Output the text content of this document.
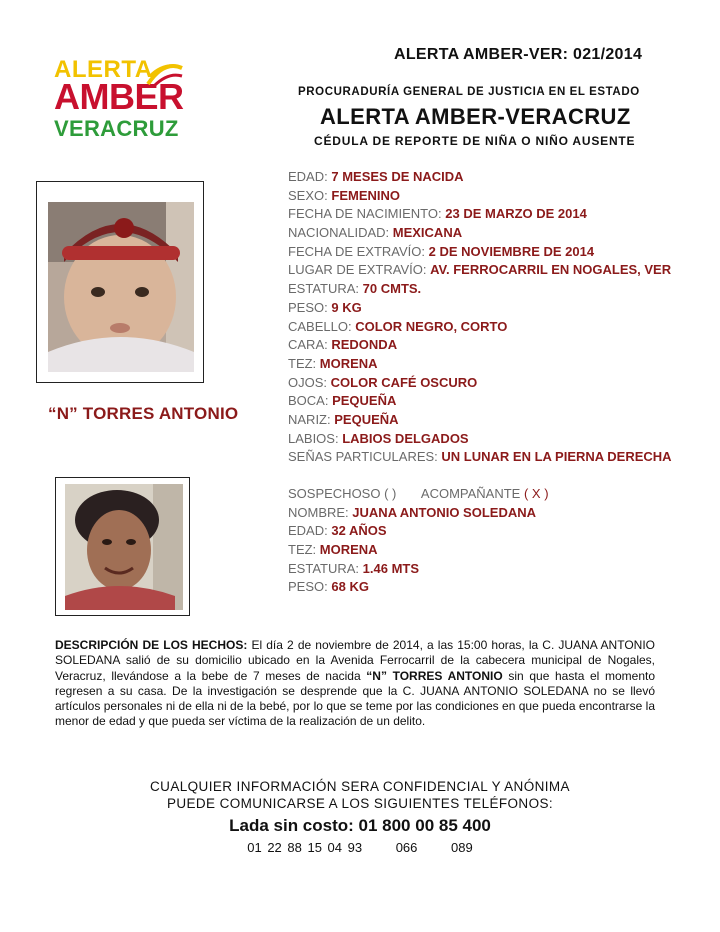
ALERTA AMBER-VER: 021/2014
PROCURADURÍA GENERAL DE JUSTICIA EN EL ESTADO
ALERTA AMBER-VERACRUZ
CÉDULA DE REPORTE DE NIÑA O NIÑO AUSENTE
ALERTA
AMBER
VERACRUZ
“N” TORRES ANTONIO
EDAD: 7 MESES DE NACIDA
SEXO: FEMENINO
FECHA DE NACIMIENTO: 23 DE MARZO DE 2014
NACIONALIDAD: MEXICANA
FECHA DE EXTRAVÍO: 2 DE NOVIEMBRE DE 2014
LUGAR DE EXTRAVÍO: AV. FERROCARRIL EN NOGALES, VER
ESTATURA: 70 CMTS.
PESO: 9 KG
CABELLO: COLOR NEGRO, CORTO
CARA: REDONDA
TEZ: MORENA
OJOS: COLOR CAFÉ OSCURO
BOCA: PEQUEÑA
NARIZ: PEQUEÑA
LABIOS: LABIOS DELGADOS
SEÑAS PARTICULARES: UN LUNAR EN LA PIERNA DERECHA
SOSPECHOSO ( ) ACOMPAÑANTE ( X )
NOMBRE: JUANA ANTONIO SOLEDANA
EDAD: 32 AÑOS
TEZ: MORENA
ESTATURA: 1.46 MTS
PESO: 68 KG
DESCRIPCIÓN DE LOS HECHOS: El día 2 de noviembre de 2014, a las 15:00 horas, la C. JUANA ANTONIO SOLEDANA salió de su domicilio ubicado en la Avenida Ferrocarril de la cabecera municipal de Nogales, Veracruz, llevándose a la bebe de 7 meses de nacida “N” TORRES ANTONIO sin que hasta el momento regresen a su casa. De la investigación se desprende que la C. JUANA ANTONIO SOLEDANA no se llevó artículos personales ni de ella ni de la bebé, por lo que se teme por las condiciones en que pueda encontrarse la menor de edad y que pueda ser víctima de la realización de un delito.
CUALQUIER INFORMACIÓN SERA CONFIDENCIAL Y ANÓNIMA
PUEDE COMUNICARSE A LOS SIGUIENTES TELÉFONOS:
Lada sin costo: 01 800 00 85 400
01 22 88 15 04 93	066	089
